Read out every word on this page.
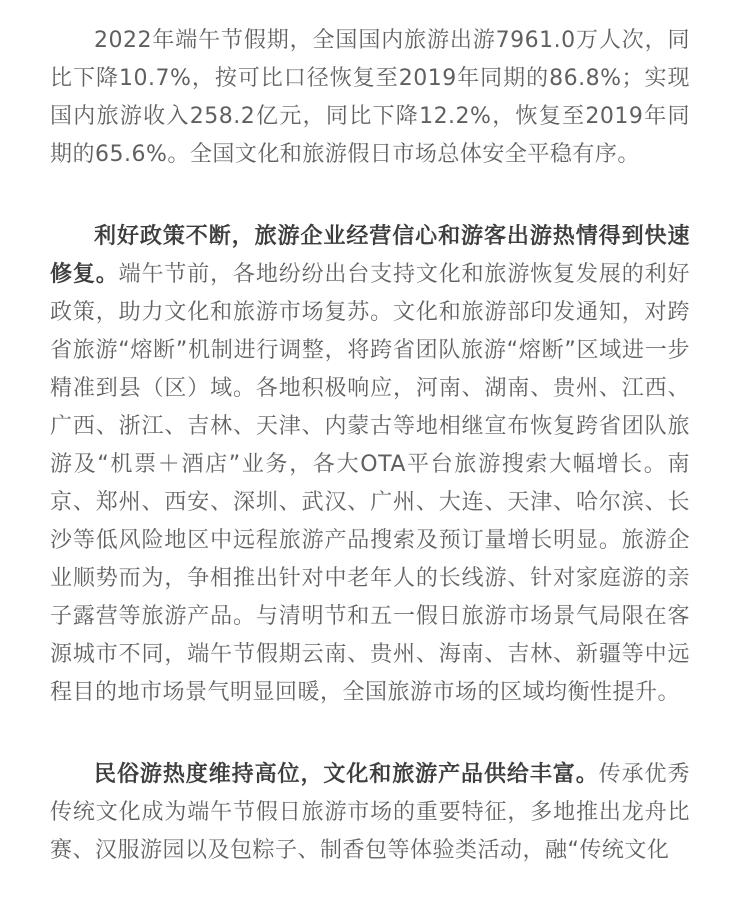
2022年端午节假期，全国国内旅游出游7961.0万人次，同比下降10.7%，按可比口径恢复至2019年同期的86.8%；实现国内旅游收入258.2亿元，同比下降12.2%，恢复至2019年同期的65.6%。全国文化和旅游假日市场总体安全平稳有序。

利好政策不断，旅游企业经营信心和游客出游热情得到快速修复。端午节前，各地纷纷出台支持文化和旅游恢复发展的利好政策，助力文化和旅游市场复苏。文化和旅游部印发通知，对跨省旅游“熔断”机制进行调整，将跨省团队旅游“熔断”区域进一步精准到县（区）域。各地积极响应，河南、湖南、贵州、江西、广西、浙江、吉林、天津、内蒙古等地相继宣布恢复跨省团队旅游及“机票＋酒店”业务，各大OTA平台旅游搜索大幅增长。南京、郑州、西安、深圳、武汉、广州、大连、天津、哈尔滨、长沙等低风险地区中远程旅游产品搜索及预订量增长明显。旅游企业顺势而为，争相推出针对中老年人的长线游、针对家庭游的亲子露营等旅游产品。与清明节和五一假日旅游市场景气局限在客源城市不同，端午节假期云南、贵州、海南、吉林、新疆等中远程目的地市场景气明显回暖，全国旅游市场的区域均衡性提升。

民俗游热度维持高位，文化和旅游产品供给丰富。传承优秀传统文化成为端午节假日旅游市场的重要特征，多地推出龙舟比赛、汉服游园以及包粽子、制香包等体验类活动，融“传统文化
